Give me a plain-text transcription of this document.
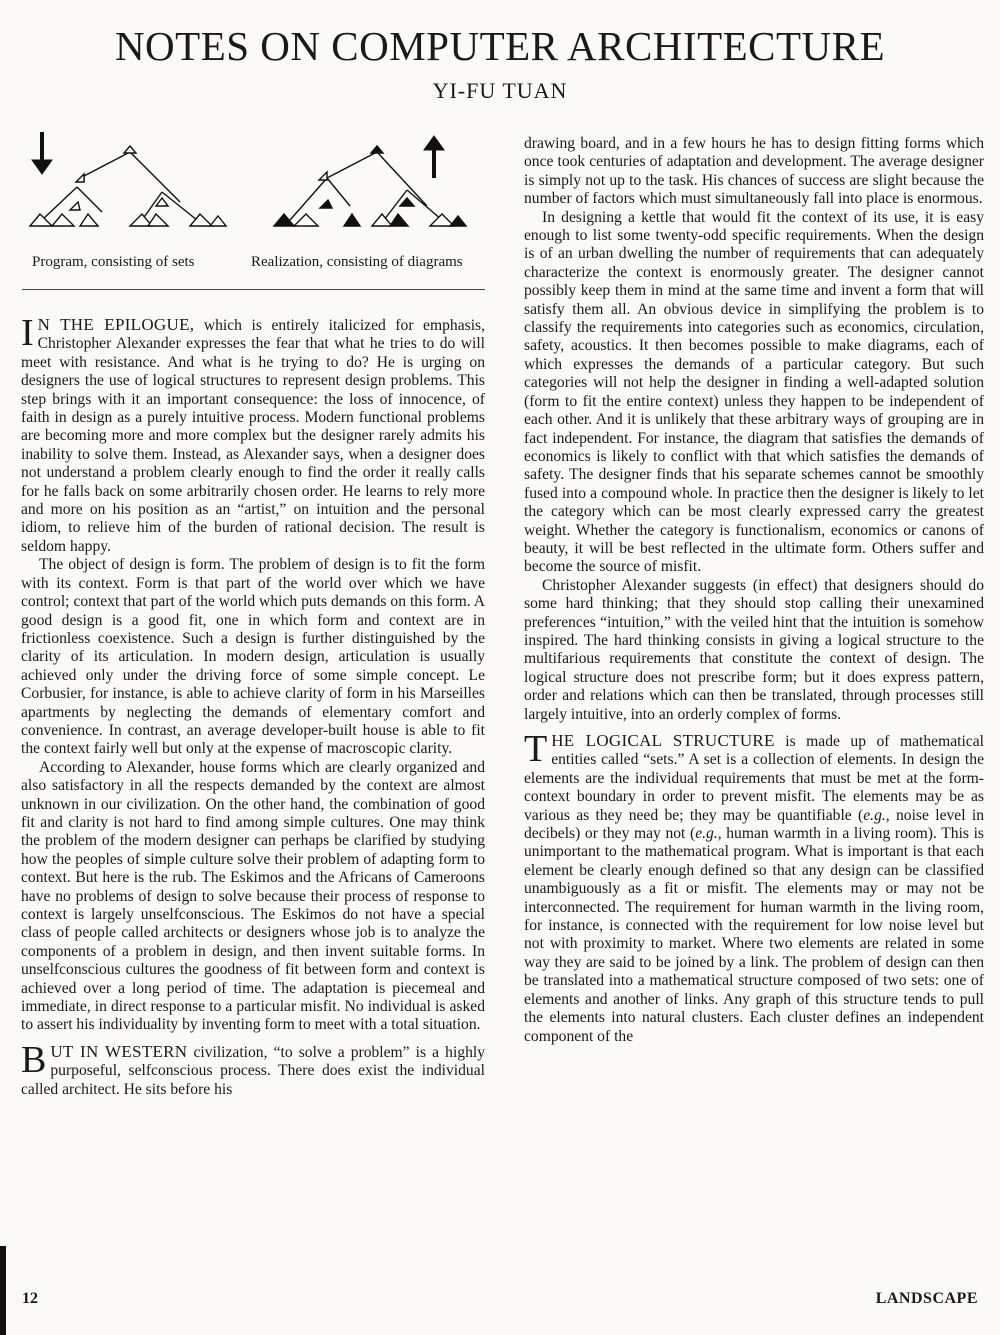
NOTES ON COMPUTER ARCHITECTURE
YI-FU TUAN
Program, consisting of sets	Realization, consisting of diagrams

I N THE EPILOGUE, which is entirely italicized for emphasis, Christopher Alexander expresses the fear that what he tries to do will meet with resistance. And what is he trying to do? He is urging on designers the use of logical structures to represent design problems. This step brings with it an important consequence: the loss of innocence, of faith in design as a purely intuitive process. Modern functional problems are becoming more and more complex but the designer rarely admits his inability to solve them. Instead, as Alexander says, when a designer does not understand a problem clearly enough to find the order it really calls for he falls back on some arbitrarily chosen order. He learns to rely more and more on his position as an “artist,” on intuition and the personal idiom, to relieve him of the burden of rational decision. The result is seldom happy.

The object of design is form. The problem of design is to fit the form with its context. Form is that part of the world over which we have control; context that part of the world which puts demands on this form. A good design is a good fit, one in which form and context are in frictionless coexistence. Such a design is further distinguished by the clarity of its articulation. In modern design, articulation is usually achieved only under the driving force of some simple concept. Le Corbusier, for instance, is able to achieve clarity of form in his Marseilles apartments by neglecting the demands of elementary comfort and convenience. In contrast, an average developer-built house is able to fit the context fairly well but only at the expense of macroscopic clarity.

According to Alexander, house forms which are clearly organized and also satisfactory in all the respects demanded by the context are almost unknown in our civilization. On the other hand, the combination of good fit and clarity is not hard to find among simple cultures. One may think the problem of the modern designer can perhaps be clarified by studying how the peoples of simple culture solve their problem of adapting form to context. But here is the rub. The Eskimos and the Africans of Cameroons have no problems of design to solve because their process of response to context is largely unselfconscious. The Eskimos do not have a special class of people called architects or designers whose job is to analyze the components of a problem in design, and then invent suitable forms. In unselfconscious cultures the goodness of fit between form and context is achieved over a long period of time. The adaptation is piecemeal and immediate, in direct response to a particular misfit. No individual is asked to assert his individuality by inventing form to meet with a total situation.

BUT IN WESTERN civilization, “to solve a problem” is a highly purposeful, selfconscious process. There does exist the individual called architect. He sits before his

drawing board, and in a few hours he has to design fitting forms which once took centuries of adaptation and development. The average designer is simply not up to the task. His chances of success are slight because the number of factors which must simultaneously fall into place is enormous.

In designing a kettle that would fit the context of its use, it is easy enough to list some twenty-odd specific requirements. When the design is of an urban dwelling the number of requirements that can adequately characterize the context is enormously greater. The designer cannot possibly keep them in mind at the same time and invent a form that will satisfy them all. An obvious device in simplifying the problem is to classify the requirements into categories such as economics, circulation, safety, acoustics. It then becomes possible to make diagrams, each of which expresses the demands of a particular category. But such categories will not help the designer in finding a well-adapted solution (form to fit the entire context) unless they happen to be independent of each other. And it is unlikely that these arbitrary ways of grouping are in fact independent. For instance, the diagram that satisfies the demands of economics is likely to conflict with that which satisfies the demands of safety. The designer finds that his separate schemes cannot be smoothly fused into a compound whole. In practice then the designer is likely to let the category which can be most clearly expressed carry the greatest weight. Whether the category is functionalism, economics or canons of beauty, it will be best reflected in the ultimate form. Others suffer and become the source of misfit.

Christopher Alexander suggests (in effect) that designers should do some hard thinking; that they should stop calling their unexamined preferences “intuition,” with the veiled hint that the intuition is somehow inspired. The hard thinking consists in giving a logical structure to the multifarious requirements that constitute the context of design. The logical structure does not prescribe form; but it does express pattern, order and relations which can then be translated, through processes still largely intuitive, into an orderly complex of forms.

THE LOGICAL STRUCTURE is made up of mathematical entities called “sets.” A set is a collection of elements. In design the elements are the individual requirements that must be met at the form-context boundary in order to prevent misfit. The elements may be as various as they need be; they may be quantifiable (e.g., noise level in decibels) or they may not (e.g., human warmth in a living room). This is unimportant to the mathematical program. What is important is that each element be clearly enough defined so that any design can be classified unambiguously as a fit or misfit. The elements may or may not be interconnected. The requirement for human warmth in the living room, for instance, is connected with the requirement for low noise level but not with proximity to market. Where two elements are related in some way they are said to be joined by a link. The problem of design can then be translated into a mathematical structure composed of two sets: one of elements and another of links. Any graph of this structure tends to pull the elements into natural clusters. Each cluster defines an independent component of the

12	LANDSCAPE
